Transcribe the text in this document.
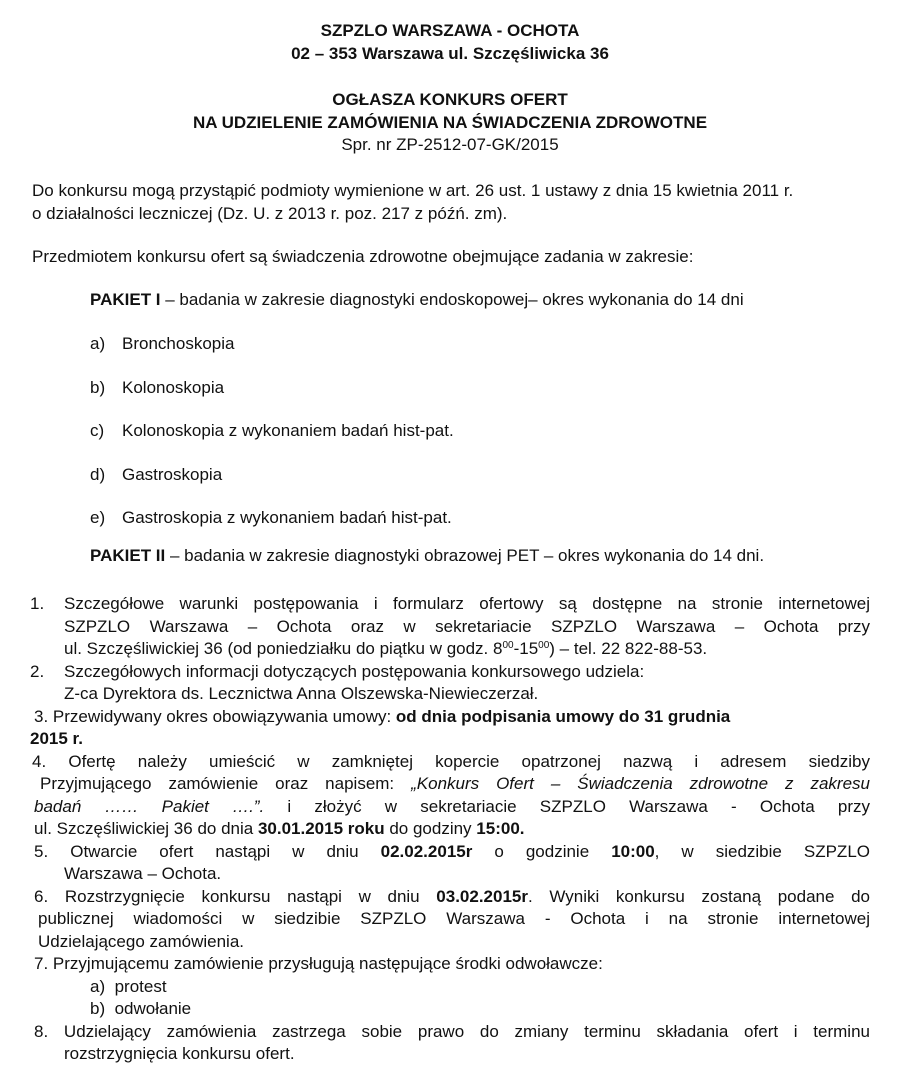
SZPZLO WARSZAWA - OCHOTA
02 – 353 Warszawa ul. Szczęśliwicka 36
OGŁASZA KONKURS OFERT
NA UDZIELENIE ZAMÓWIENIA NA ŚWIADCZENIA ZDROWOTNE
Spr. nr ZP-2512-07-GK/2015
Do konkursu mogą przystąpić podmioty wymienione w art. 26 ust. 1 ustawy z dnia 15 kwietnia 2011 r.
o działalności leczniczej (Dz. U. z 2013 r. poz. 217 z późń. zm).
Przedmiotem konkursu ofert są świadczenia zdrowotne obejmujące zadania w zakresie:
PAKIET I – badania w zakresie diagnostyki endoskopowej– okres wykonania do 14 dni
a) Bronchoskopia
b) Kolonoskopia
c)	Kolonoskopia z wykonaniem badań hist-pat.
d) Gastroskopia
e) Gastroskopia z wykonaniem badań hist-pat.
PAKIET II – badania w zakresie diagnostyki obrazowej PET – okres wykonania do 14 dni.
1.	Szczegółowe warunki postępowania i formularz ofertowy są dostępne na stronie internetowej
SZPZLO Warszawa – Ochota oraz w sekretariacie SZPZLO Warszawa – Ochota przy
ul. Szczęśliwickiej 36 (od poniedziałku do piątku w godz. $8^{00}-15^{00}$) – tel. 22 822-88-53.
2.	Szczegółowych informacji dotyczących postępowania konkursowego udziela:
Z-ca Dyrektora ds. Lecznictwa Anna Olszewska-Niewieczerzał.
3. Przewidywany okres obowiązywania umowy: od dnia podpisania umowy do 31 grudnia
2015 r.
4. Ofertę należy umieścić w zamkniętej kopercie opatrzonej nazwą i adresem siedziby
Przyjmującego zamówienie oraz napisem: „Konkurs Ofert – Świadczenia zdrowotne z zakresu
badań …… Pakiet ….”. i złożyć w sekretariacie SZPZLO Warszawa - Ochota przy
ul. Szczęśliwickiej 36 do dnia 30.01.2015 roku do godziny 15:00.
5. Otwarcie ofert nastąpi w dniu 02.02.2015r o godzinie 10:00, w siedzibie SZPZLO
Warszawa – Ochota.
6. Rozstrzygnięcie konkursu nastąpi w dniu 03.02.2015r. Wyniki konkursu zostaną podane do
publicznej wiadomości w siedzibie SZPZLO Warszawa - Ochota i na stronie internetowej
Udzielającego zamówienia.
7. Przyjmującemu zamówienie przysługują następujące środki odwoławcze:
a) protest
b) odwołanie
8. Udzielający zamówienia zastrzega sobie prawo do zmiany terminu składania ofert i terminu
rozstrzygnięcia konkursu ofert.
